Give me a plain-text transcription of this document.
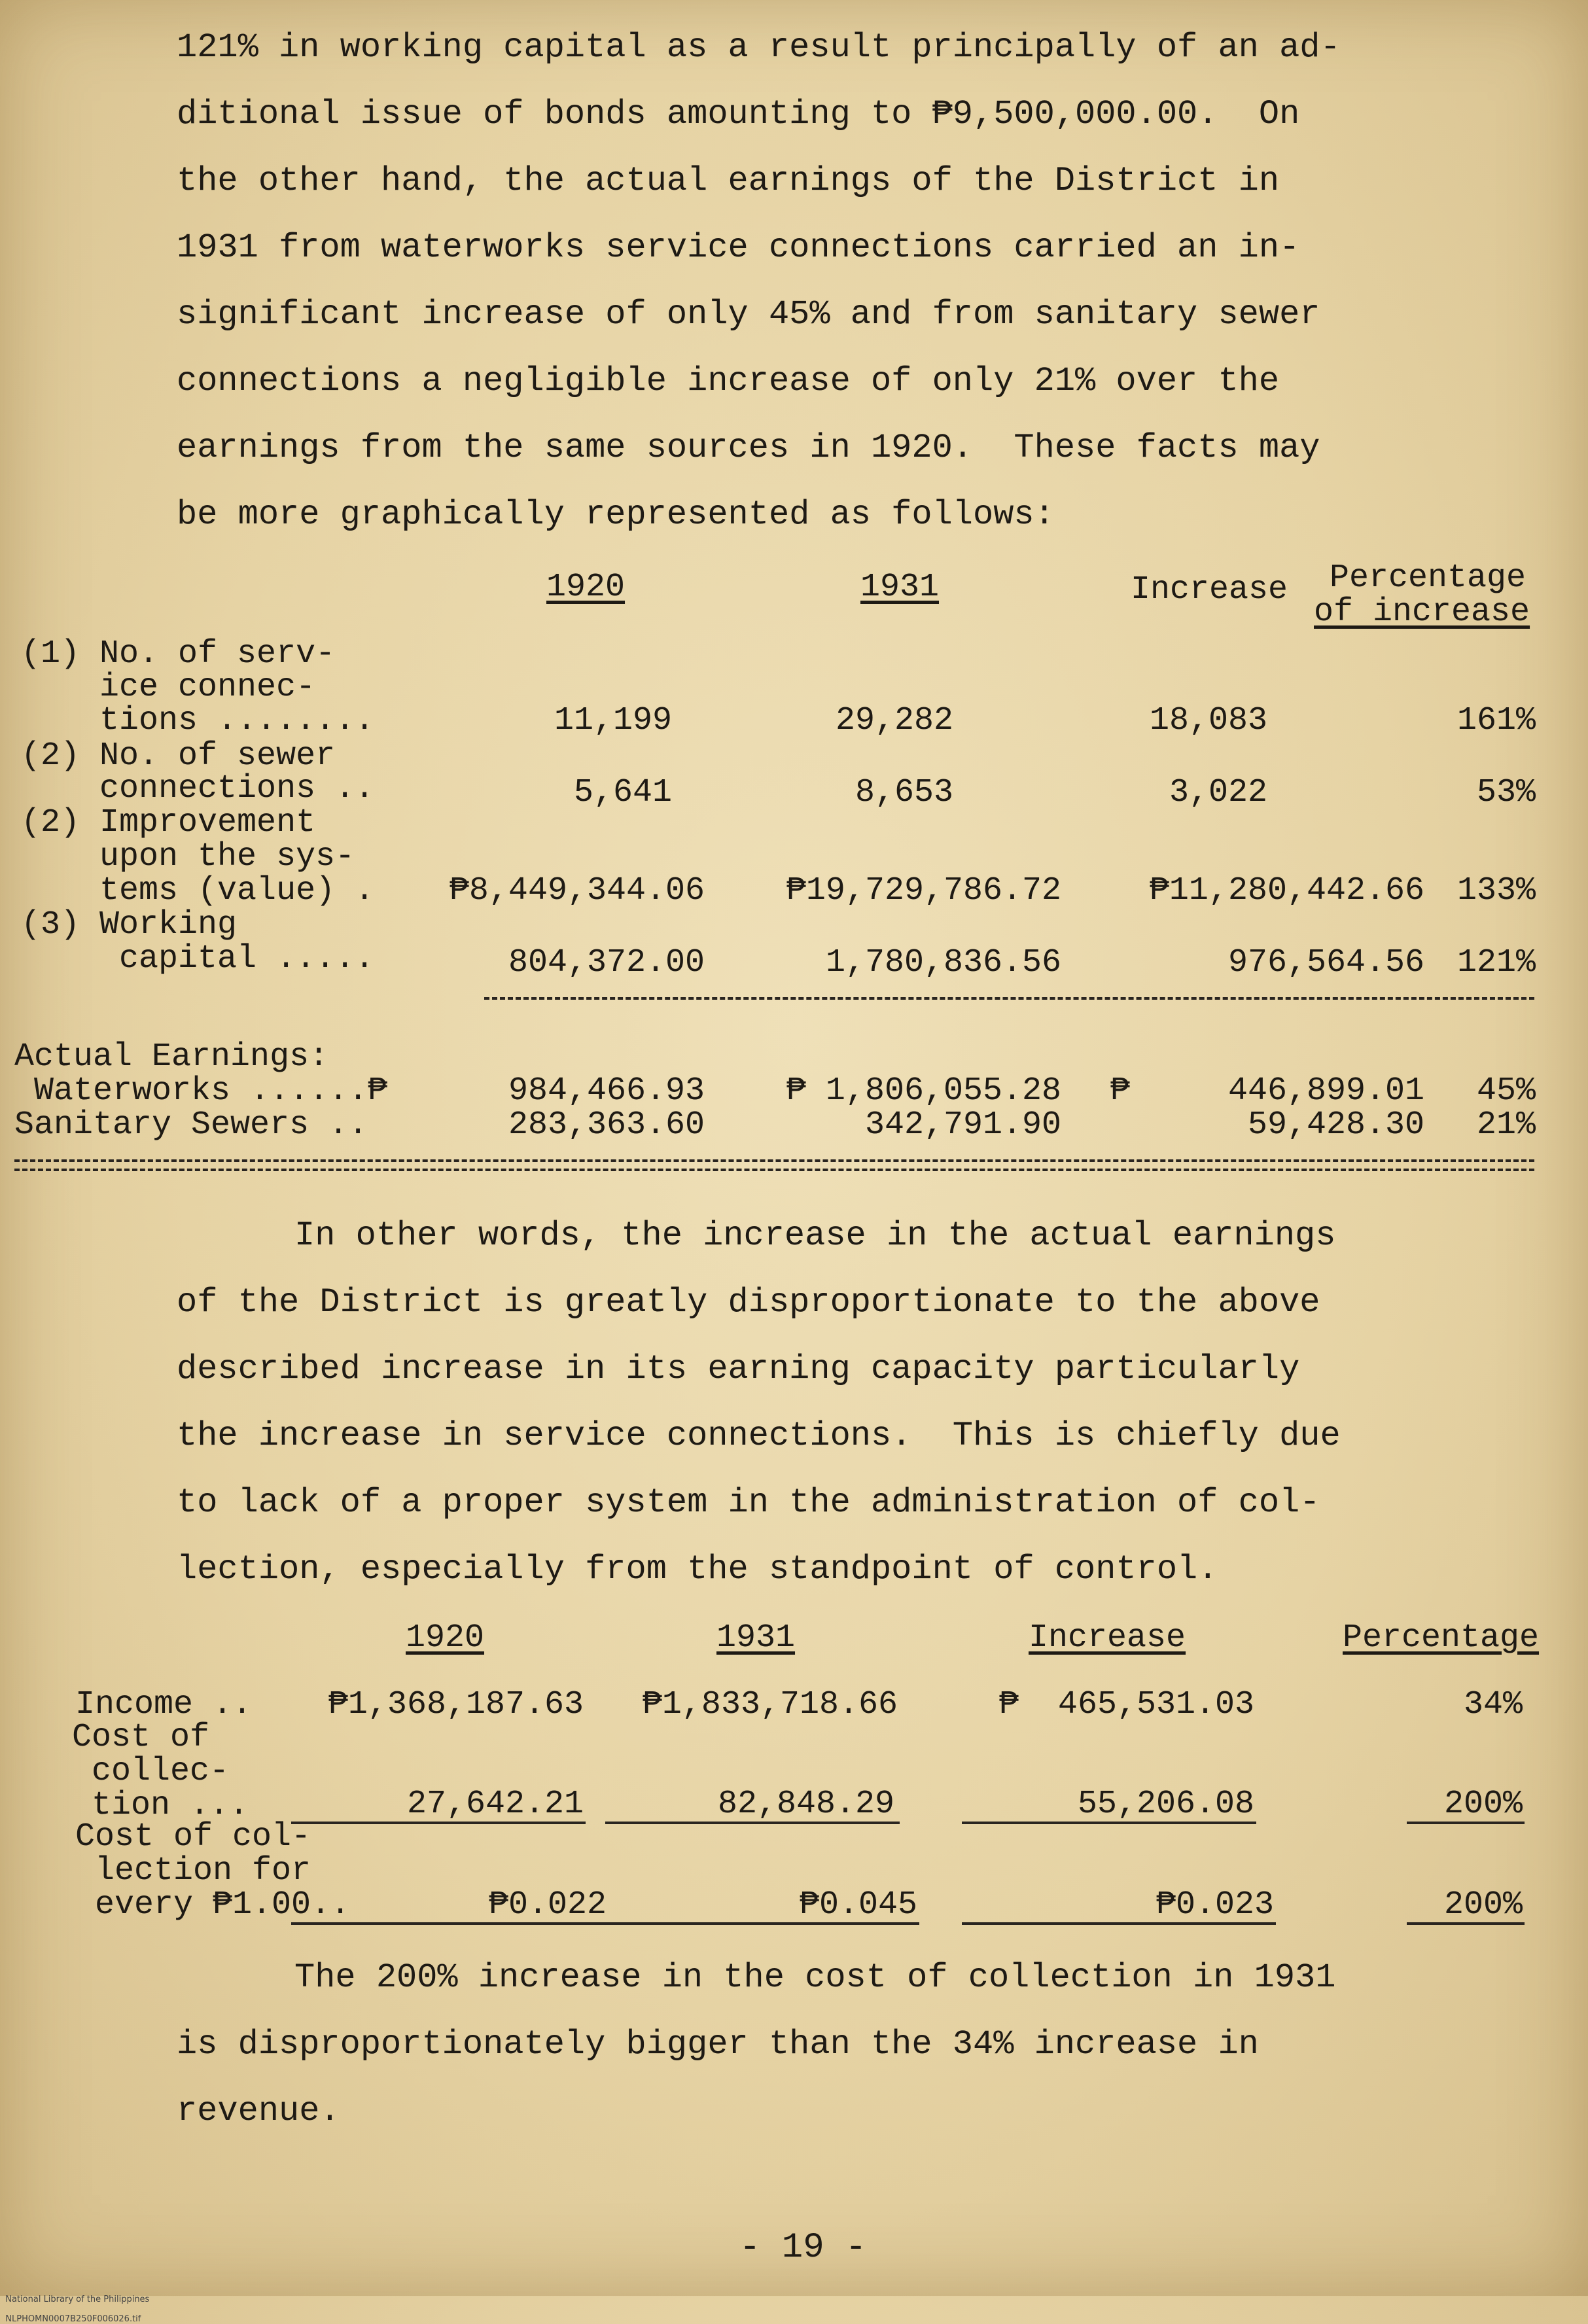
121% in working capital as a result principally of an ad-
ditional issue of bonds amounting to ₱9,500,000.00.  On
the other hand, the actual earnings of the District in
1931 from waterworks service connections carried an in-
significant increase of only 45% and from sanitary sewer
connections a negligible increase of only 21% over the
earnings from the same sources in 1920.  These facts may
be more graphically represented as follows:
1920	1931	Increase Percentage
of increase
(1) No. of serv-
ice connec-
tions ........	11,199	29,282	18,083	161%
(2) No. of sewer
connections ..	5,641	8,653	3,022	53%
(2) Improvement
upon the sys-
tems (value) . ₱8,449,344.06 ₱19,729,786.72	₱11,280,442.66 133%
(3) Working
capital .....	804,372.00	1,780,836.56	976,564.56 121%
Actual Earnings:
Waterworks ......₱	984,466.93 ₱ 1,806,055.28 ₱     446,899.01 45%
Sanitary Sewers ..	283,363.60	342,791.90	59,428.30 21%
In other words, the increase in the actual earnings
of the District is greatly disproportionate to the above
described increase in its earning capacity particularly
the increase in service connections.  This is chiefly due
to lack of a proper system in the administration of col-
lection, especially from the standpoint of control.
1920	1931	Increase	Percentage
Income .. ₱1,368,187.63 ₱1,833,718.66	₱  465,531.03	34%
Cost of
collec-
tion ...	27,642.21	82,848.29	55,206.08	200%
Cost of col-
lection for
every ₱1.00..	₱0.022	₱0.045	₱0.023	200%
The 200% increase in the cost of collection in 1931
is disproportionately bigger than the 34% increase in
revenue.
- 19 -

National Library of the Philippines

NLPHOMN0007B250F006026.tif
